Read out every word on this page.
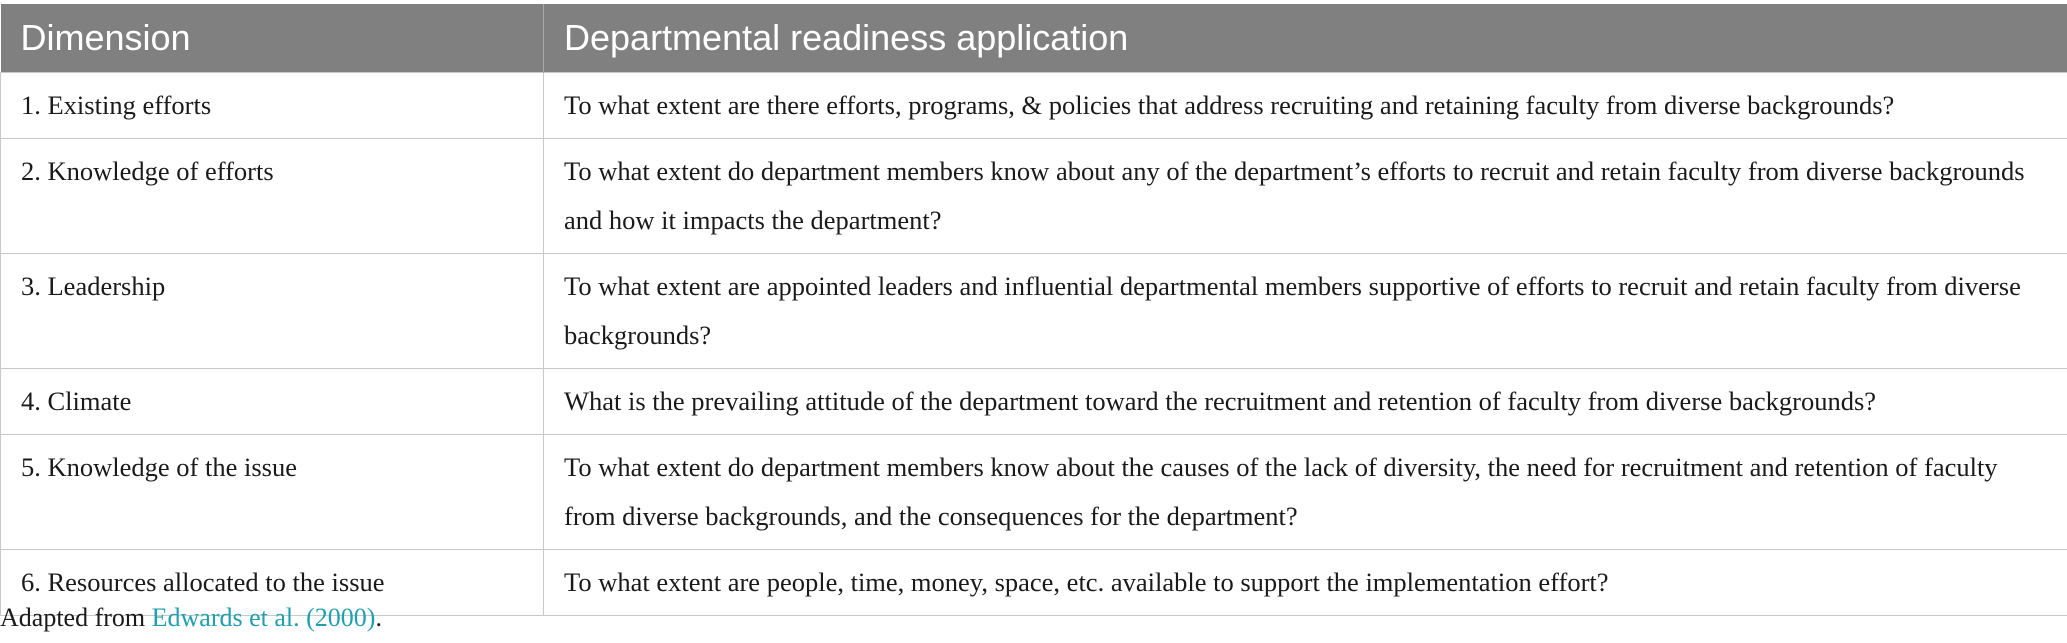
Dimension	Departmental readiness application
1. Existing efforts	To what extent are there efforts, programs, & policies that address recruiting and retaining faculty from diverse backgrounds?
2. Knowledge of efforts	To what extent do department members know about any of the department’s efforts to recruit and retain faculty from diverse backgrounds and how it impacts the department?
3. Leadership	To what extent are appointed leaders and influential departmental members supportive of efforts to recruit and retain faculty from diverse backgrounds?
4. Climate	What is the prevailing attitude of the department toward the recruitment and retention of faculty from diverse backgrounds?
5. Knowledge of the issue	To what extent do department members know about the causes of the lack of diversity, the need for recruitment and retention of faculty from diverse backgrounds, and the consequences for the department?
6. Resources allocated to the issue	To what extent are people, time, money, space, etc. available to support the implementation effort?
Adapted from Edwards et al. (2000).
